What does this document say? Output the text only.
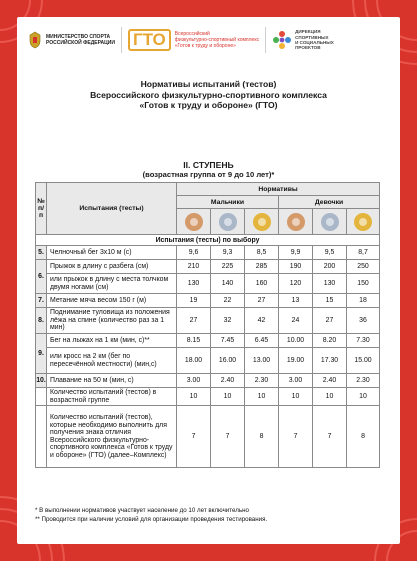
МИНИСТЕРСТВО СПОРТА
РОССИЙСКОЙ ФЕДЕРАЦИИ ГТО	Всероссийский
физкультурно-спортивный комплекс
«Готов к труду и обороне»
ДИРЕКЦИЯ
СПОРТИВНЫХ
И СОЦИАЛЬНЫХ
ПРОЕКТОВ
Нормативы испытаний (тестов)
Всероссийского физкультурно-спортивного комплекса
«Готов к труду и обороне» (ГТО)
II. СТУПЕНЬ
(возрастная группа от 9 до 10 лет)*
№ п/п	Испытания (тесты)	Нормативы					
		Мальчики			Девочки		

Испытания (тесты) по выбору							
5.	Челночный бег 3х10 м (с)	9,6	9,3	8,5	9,9	9,5	8,7
6.	Прыжок в длину с разбега (см)	210	225	285	190	200	250
	или прыжок в длину с места толчком двумя ногами (см)	130	140	160	120	130	150
7.	Метание мяча весом 150 г (м)	19	22	27	13	15	18
8.	Поднимание туловища из положения лёжа на спине (количество раз за 1 мин)	27	32	42	24	27	36
9.	Бег на лыжах на 1 км (мин, с)**	8.15	7.45	6.45	10.00	8.20	7.30
	или кросс на 2 км (бег по пересечённой местности) (мин,с)	18.00	16.00	13.00	19.00	17.30	15.00
10.	Плавание на 50 м (мин, с)	3.00	2.40	2.30	3.00	2.40	2.30
	Количество испытаний (тестов) в возрастной группе	10	10	10	10	10	10
	Количество испытаний (тестов), которые необходимо выполнить для получения знака отличия Всероссийского физкультурно-спортивного комплекса «Готов к труду и обороне» (ГТО) (далее–Комплекс)	7	7	8	7	7	8
* В выполнении нормативов участвует население до 10 лет включительно
** Проводится при наличии условий для организации проведения тестирования.
